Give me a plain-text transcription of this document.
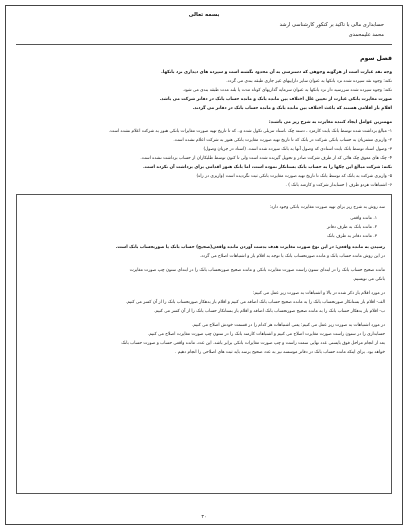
بسمه تعالی
حسابداری مالی با تاکید بر کنکور کارشناسی ارشد
محمد علیمحمدی
فصل سوم
وجه نقد عبارت است از هرگونه وجوهی که دسترسی به آن محدود نگشته است و سپرده های دیداری نزد بانکها.
نکته: وجوه نقد سپرده شده نزد بانکها به عنوان سایر داراییهای غیر جاری طبقه بندی می گردد.
نکته: وجوه سپرده شده سررسید دار نزد بانکها به عنوان سرمایه گذاریهای کوتاه مدت یا بلند مدت طبقه بندی می شود.
صورت مغایرت بانکی عبارت از تعیین علل اختلاف بین مانده بانک و مانده حساب بانک در دفاتر شرکت می باشد.
اقلام باز اقلامی هستند که باعث اختلاف بین مانده بانک و مانده حساب بانک در دفاتر می گردند.
مهمترین عوامل ایجاد کننده مغایرت به شرح زیر می باشند:
۱- مبالغ برداشت شده توسط بانک بابت کارمزد ، دسته چک ،اسناد تنزیلی تکول شده و.. که تا تاریخ تهیه صورت مغایرات بانکی هنوز به شرکت اعلام نشده است.
۲- واریزی مشتریان به حساب بانکی شرکت در بانک که تا تاریخ تهیه صورت مغایرت بانکی هنوز به شرکت اعلام نشده است.
۳- وصول اسناد توسط بانک بابت اسنادی که وصول آنها به بانک سپرده شده است. (اسناد در جریان وصول)
۴- چک های معوق چک هائی که از طرف شرکت صادر و تحویل گیرنده شده است ولی تا کنون توسط طلبکاران از حساب برداشت نشده است.
نکته: شرکت مبالغ این چکها را به حساب بانک بستانکار نموده است، اما بانک هنوز اقدامی برای برداشت آن نکرده است.
۵- واریزی شرکت به بانک که توسط بانک تا تاریخ تهیه صورت مغایرت بانکی ثبت نگردیده است (واریزی در راه)
۶- اشتباهات هردو طرف ( حسابدار شرکت و کارمند بانک ) .
سه روش به شرح زیر برای تهیه صورت مغایرت بانکی وجود دارد:
۱. مانده واقعی
۲. مانده بانک به طرف دفاتر
۳. مانده دفاتر به طرف بانک
رسیدن به مانده واقعی: در این نوع صورت مغایرت هدف بدست آوردن مانده واقعی(صحیح) حساب بانک یا صورتحساب بانک است.
در این روش مانده حساب بانک و مانده صورتحساب بانک با توجه به اقلام باز و اشتباهات اصلاح می گردد.
مانده صحیح حساب بانک را در ابتدای ستون راست صورت مغایرت بانکی و مانده صحیح صورتحساب بانک را در ابتدای ستون چپ صورت مغایرت
بانکی می نویسیم.
در مورد اقلام باز ذکر شده در بالا و اشتباهات به صورت زیر عمل می کنیم:
الف- اقلام باز بستانکار صورتحساب بانک را به مانده صحیح حساب بانک اضافه می کنیم و اقلام باز بدهکار صورتحساب بانک را از آن کسر می کنیم.
ب- اقلام باز بدهکار حساب بانک را به مانده صحیح صورتحساب بانک اضافه و اقلام باز بستانکار حساب بانک را از آن کسر می کنیم.
در مورد اشتباهات به صورت زیر عمل می کنیم: یعنی اشتباهات هر کدام را در قسمت خودش اصلاح می کنیم.
حسابداری را در ستون راست صورت مغایرت اصلاح می کنیم و اشتباهات کارمند بانک را در ستون چپ صورت مغایرت اصلاح می کنیم.
بعد از انجام مراحل فوق بایستی عدد نهایی سمت راست و چپ صورت مغایرات بانکی برابر باشد. این عدد، مانده واقعی حساب و صورت حساب بانک
خواهد بود. برای اینکه مانده حساب بانک در دفاتر موسسه نیز به عدد صحیح برسد باید ثبت های اصلاحی را انجام دهیم .
۳۰
